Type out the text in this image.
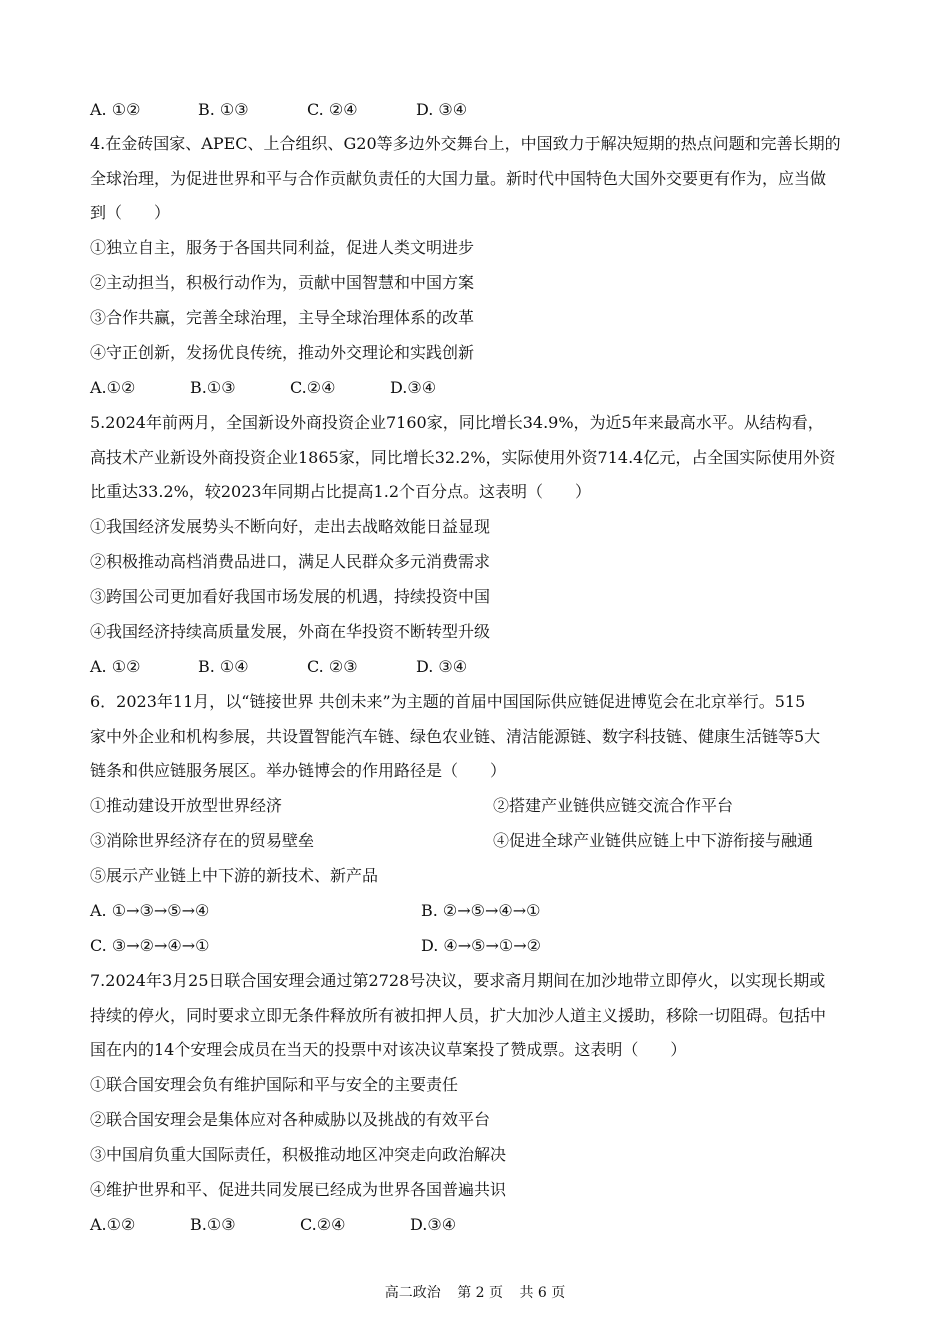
A. ①②	B. ①③	C. ②④	D. ③④
4.在金砖国家、APEC、上合组织、G20等多边外交舞台上，中国致力于解决短期的热点问题和完善长期的
全球治理，为促进世界和平与合作贡献负责任的大国力量。新时代中国特色大国外交要更有作为，应当做
到（　　）
①独立自主，服务于各国共同利益，促进人类文明进步
②主动担当，积极行动作为，贡献中国智慧和中国方案
③合作共赢，完善全球治理，主导全球治理体系的改革
④守正创新，发扬优良传统，推动外交理论和实践创新
A.①②	B.①③	C.②④	D.③④
5.2024年前两月，全国新设外商投资企业7160家，同比增长34.9%，为近5年来最高水平。从结构看，
高技术产业新设外商投资企业1865家，同比增长32.2%，实际使用外资714.4亿元，占全国实际使用外资
比重达33.2%，较2023年同期占比提高1.2个百分点。这表明（　　）
①我国经济发展势头不断向好，走出去战略效能日益显现
②积极推动高档消费品进口，满足人民群众多元消费需求
③跨国公司更加看好我国市场发展的机遇，持续投资中国
④我国经济持续高质量发展，外商在华投资不断转型升级
A. ①②	B. ①④	C. ②③	D. ③④
6．2023年11月，以“链接世界 共创未来”为主题的首届中国国际供应链促进博览会在北京举行。515
家中外企业和机构参展，共设置智能汽车链、绿色农业链、清洁能源链、数字科技链、健康生活链等5大
链条和供应链服务展区。举办链博会的作用路径是（　　）
①推动建设开放型世界经济	②搭建产业链供应链交流合作平台
③消除世界经济存在的贸易壁垒	④促进全球产业链供应链上中下游衔接与融通
⑤展示产业链上中下游的新技术、新产品
A. ①→③→⑤→④	B. ②→⑤→④→①
C. ③→②→④→①	D. ④→⑤→①→②
7.2024年3月25日联合国安理会通过第2728号决议，要求斋月期间在加沙地带立即停火，以实现长期或
持续的停火，同时要求立即无条件释放所有被扣押人员，扩大加沙人道主义援助，移除一切阻碍。包括中
国在内的14个安理会成员在当天的投票中对该决议草案投了赞成票。这表明（　　）
①联合国安理会负有维护国际和平与安全的主要责任
②联合国安理会是集体应对各种威胁以及挑战的有效平台
③中国肩负重大国际责任，积极推动地区冲突走向政治解决
④维护世界和平、促进共同发展已经成为世界各国普遍共识
A.①②	B.①③	C.②④	D.③④
高二政治 第 2 页 共 6 页
